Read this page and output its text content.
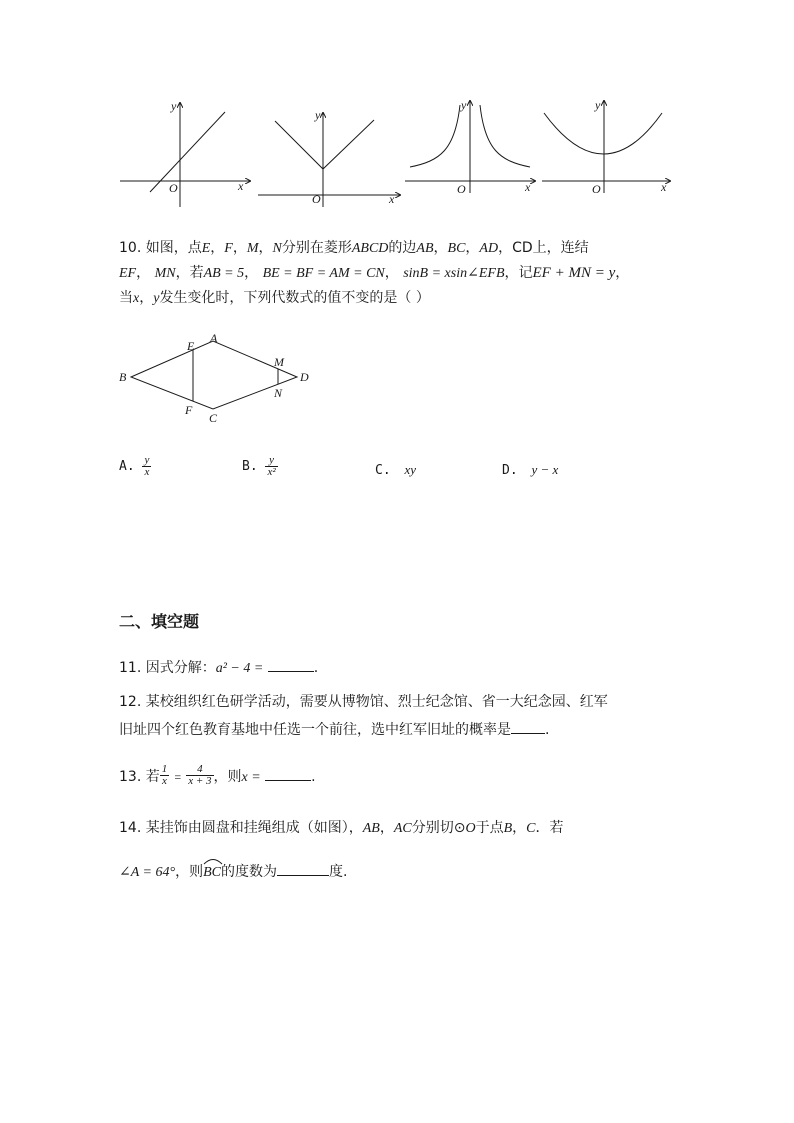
y
x
O
y
x
O
y
x
O
y
x
O
10. 如图，点E，F，M，N分别在菱形ABCD的边AB，BC，AD，CD上，连结
EF， MN，若AB = 5， BE = BF = AM = CN， sinB = xsin∠EFB，记EF + MN = y，
当x，y发生变化时，下列代数式的值不变的是（ ）
A
B
C
D
E
F
M
N
A. $\frac{y}{x}$	B. $\frac{y}{\text{x²}}$	C. xy	D. y − x
二、填空题
11. 因式分解：a² − 4 =	.
12. 某校组织红色研学活动，需要从博物馆、烈士纪念馆、省一大纪念园、红军
旧址四个红色教育基地中任选一个前往，选中红军旧址的概率是 .
13. 若 $\frac{1}{x} = \frac{4}{x + 3}$ ，则x =	.
14. 某挂饰由圆盘和挂绳组成（如图），AB，AC分别切⊙O于点B，C．若
∠A = 64°，则
BC的度数为	度.
